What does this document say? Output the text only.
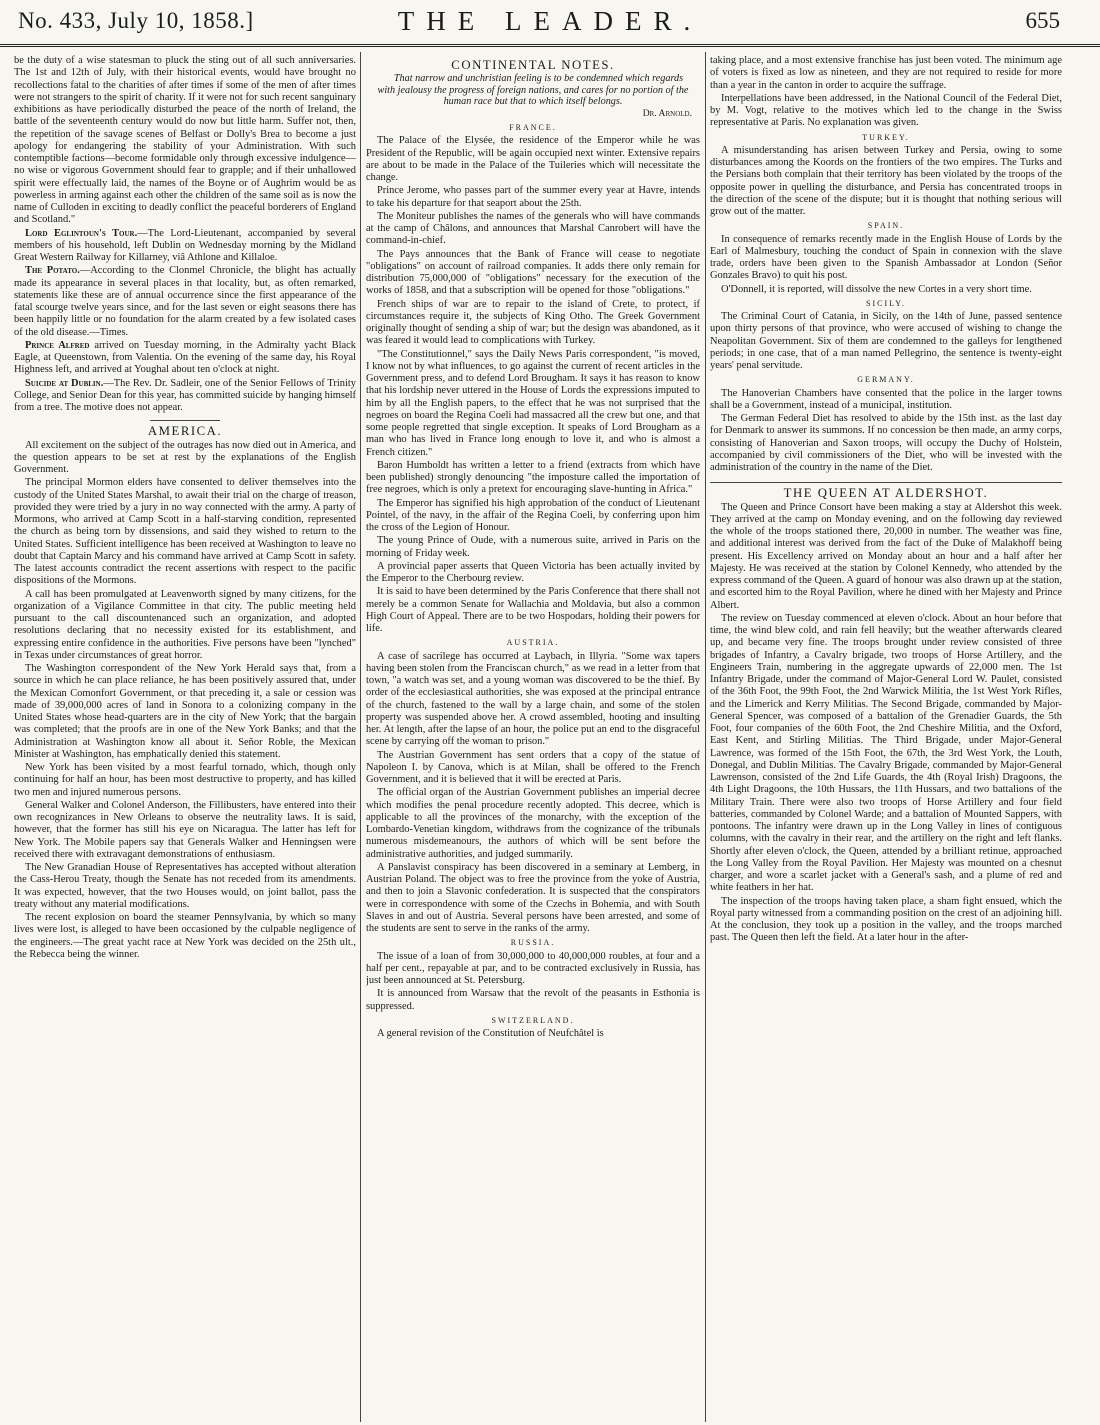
No. 433, July 10, 1858.]	THE LEADER.	655

be the duty of a wise statesman to pluck the sting out of all such anniversaries. The 1st and 12th of July, with their historical events, would have brought no recollections fatal to the charities of after times if some of the men of after times were not strangers to the spirit of charity. If it were not for such recent sanguinary exhibitions as have periodically disturbed the peace of the north of Ireland, the battle of the seventeenth century would do now but little harm. Suffer not, then, the repetition of the savage scenes of Belfast or Dolly's Brea to become a just apology for endangering the stability of your Administration. With such contemptible factions—become formidable only through excessive indulgence—no wise or vigorous Government should fear to grapple; and if their unhallowed spirit were effectually laid, the names of the Boyne or of Aughrim would be as powerless in arming against each other the children of the same soil as is now the name of Culloden in exciting to deadly conflict the peaceful borderers of England and Scotland."

Lord Eglintoun's Tour.—The Lord-Lieutenant, accompanied by several members of his household, left Dublin on Wednesday morning by the Midland Great Western Railway for Killarney, viâ Athlone and Killaloe.

The Potato.—According to the Clonmel Chronicle, the blight has actually made its appearance in several places in that locality, but, as often remarked, statements like these are of annual occurrence since the first appearance of the fatal scourge twelve years since, and for the last seven or eight seasons there has been happily little or no foundation for the alarm created by a few isolated cases of the old disease.—Times.

Prince Alfred arrived on Tuesday morning, in the Admiralty yacht Black Eagle, at Queenstown, from Valentia. On the evening of the same day, his Royal Highness left, and arrived at Youghal about ten o'clock at night.

Suicide at Dublin.—The Rev. Dr. Sadleir, one of the Senior Fellows of Trinity College, and Senior Dean for this year, has committed suicide by hanging himself from a tree. The motive does not appear.

AMERICA.

All excitement on the subject of the outrages has now died out in America, and the question appears to be set at rest by the explanations of the English Government.

The principal Mormon elders have consented to deliver themselves into the custody of the United States Marshal, to await their trial on the charge of treason, provided they were tried by a jury in no way connected with the army. A party of Mormons, who arrived at Camp Scott in a half-starving condition, represented the church as being torn by dissensions, and said they wished to return to the United States. Sufficient intelligence has been received at Washington to leave no doubt that Captain Marcy and his command have arrived at Camp Scott in safety. The latest accounts contradict the recent assertions with respect to the pacific dispositions of the Mormons.

A call has been promulgated at Leavenworth signed by many citizens, for the organization of a Vigilance Committee in that city. The public meeting held pursuant to the call discountenanced such an organization, and adopted resolutions declaring that no necessity existed for its establishment, and expressing entire confidence in the authorities. Five persons have been "lynched" in Texas under circumstances of great horror.

The Washington correspondent of the New York Herald says that, from a source in which he can place reliance, he has been positively assured that, under the Mexican Comonfort Government, or that preceding it, a sale or cession was made of 39,000,000 acres of land in Sonora to a colonizing company in the United States whose head-quarters are in the city of New York; that the bargain was completed; that the proofs are in one of the New York Banks; and that the Administration at Washington know all about it. Señor Roble, the Mexican Minister at Washington, has emphatically denied this statement.

New York has been visited by a most fearful tornado, which, though only continuing for half an hour, has been most destructive to property, and has killed two men and injured numerous persons.

General Walker and Colonel Anderson, the Fillibusters, have entered into their own recognizances in New Orleans to observe the neutrality laws. It is said, however, that the former has still his eye on Nicaragua. The latter has left for New York. The Mobile papers say that Generals Walker and Henningsen were received there with extravagant demonstrations of enthusiasm.

The New Granadian House of Representatives has accepted without alteration the Cass-Herou Treaty, though the Senate has not receded from its amendments. It was expected, however, that the two Houses would, on joint ballot, pass the treaty without any material modifications.

The recent explosion on board the steamer Pennsylvania, by which so many lives were lost, is alleged to have been occasioned by the culpable negligence of the engineers.—The great yacht race at New York was decided on the 25th ult., the Rebecca being the winner.

CONTINENTAL NOTES.

That narrow and unchristian feeling is to be condemned which regards with jealousy the progress of foreign nations, and cares for no portion of the human race but that to which itself belongs.

Dr. Arnold.
FRANCE.

The Palace of the Elysée, the residence of the Emperor while he was President of the Republic, will be again occupied next winter. Extensive repairs are about to be made in the Palace of the Tuileries which will necessitate the change.

Prince Jerome, who passes part of the summer every year at Havre, intends to take his departure for that seaport about the 25th.

The Moniteur publishes the names of the generals who will have commands at the camp of Châlons, and announces that Marshal Canrobert will have the command-in-chief.

The Pays announces that the Bank of France will cease to negotiate "obligations" on account of railroad companies. It adds there only remain for distribution 75,000,000 of "obligations" necessary for the execution of the works of 1858, and that a subscription will be opened for those "obligations."

French ships of war are to repair to the island of Crete, to protect, if circumstances require it, the subjects of King Otho. The Greek Government originally thought of sending a ship of war; but the design was abandoned, as it was feared it would lead to complications with Turkey.

"The Constitutionnel," says the Daily News Paris correspondent, "is moved, I know not by what influences, to go against the current of recent articles in the Government press, and to defend Lord Brougham. It says it has reason to know that his lordship never uttered in the House of Lords the expressions imputed to him by all the English papers, to the effect that he was not surprised that the negroes on board the Regina Coeli had massacred all the crew but one, and that some people regretted that single exception. It speaks of Lord Brougham as a man who has lived in France long enough to love it, and who is almost a French citizen."

Baron Humboldt has written a letter to a friend (extracts from which have been published) strongly denouncing "the imposture called the importation of free negroes, which is only a pretext for encouraging slave-hunting in Africa."

The Emperor has signified his high approbation of the conduct of Lieutenant Pointel, of the navy, in the affair of the Regina Coeli, by conferring upon him the cross of the Legion of Honour.

The young Prince of Oude, with a numerous suite, arrived in Paris on the morning of Friday week.

A provincial paper asserts that Queen Victoria has been actually invited by the Emperor to the Cherbourg review.

It is said to have been determined by the Paris Conference that there shall not merely be a common Senate for Wallachia and Moldavia, but also a common High Court of Appeal. There are to be two Hospodars, holding their powers for life.

AUSTRIA.

A case of sacrilege has occurred at Laybach, in Illyria. "Some wax tapers having been stolen from the Franciscan church," as we read in a letter from that town, "a watch was set, and a young woman was discovered to be the thief. By order of the ecclesiastical authorities, she was exposed at the principal entrance of the church, fastened to the wall by a large chain, and some of the stolen property was suspended above her. A crowd assembled, hooting and insulting her. At length, after the lapse of an hour, the police put an end to the disgraceful scene by carrying off the woman to prison."

The Austrian Government has sent orders that a copy of the statue of Napoleon I. by Canova, which is at Milan, shall be offered to the French Government, and it is believed that it will be erected at Paris.

The official organ of the Austrian Government publishes an imperial decree which modifies the penal procedure recently adopted. This decree, which is applicable to all the provinces of the monarchy, with the exception of the Lombardo-Venetian kingdom, withdraws from the cognizance of the tribunals numerous misdemeanours, the authors of which will be sent before the administrative authorities, and judged summarily.

A Panslavist conspiracy has been discovered in a seminary at Lemberg, in Austrian Poland. The object was to free the province from the yoke of Austria, and then to join a Slavonic confederation. It is suspected that the conspirators were in correspondence with some of the Czechs in Bohemia, and with South Slaves in and out of Austria. Several persons have been arrested, and some of the students are sent to serve in the ranks of the army.

RUSSIA.

The issue of a loan of from 30,000,000 to 40,000,000 roubles, at four and a half per cent., repayable at par, and to be contracted exclusively in Russia, has just been announced at St. Petersburg.

It is announced from Warsaw that the revolt of the peasants in Esthonia is suppressed.

SWITZERLAND.

A general revision of the Constitution of Neufchâtel is

taking place, and a most extensive franchise has just been voted. The minimum age of voters is fixed as low as nineteen, and they are not required to reside for more than a year in the canton in order to acquire the suffrage.

Interpellations have been addressed, in the National Council of the Federal Diet, by M. Vogt, relative to the motives which led to the change in the Swiss representative at Paris. No explanation was given.

TURKEY.

A misunderstanding has arisen between Turkey and Persia, owing to some disturbances among the Koords on the frontiers of the two empires. The Turks and the Persians both complain that their territory has been violated by the troops of the opposite power in quelling the disturbance, and Persia has concentrated troops in the direction of the scene of the dispute; but it is thought that nothing serious will grow out of the matter.

SPAIN.

In consequence of remarks recently made in the English House of Lords by the Earl of Malmesbury, touching the conduct of Spain in connexion with the slave trade, orders have been given to the Spanish Ambassador at London (Señor Gonzales Bravo) to quit his post.

O'Donnell, it is reported, will dissolve the new Cortes in a very short time.

SICILY.

The Criminal Court of Catania, in Sicily, on the 14th of June, passed sentence upon thirty persons of that province, who were accused of wishing to change the Neapolitan Government. Six of them are condemned to the galleys for lengthened periods; in one case, that of a man named Pellegrino, the sentence is twenty-eight years' penal servitude.

GERMANY.

The Hanoverian Chambers have consented that the police in the larger towns shall be a Government, instead of a municipal, institution.

The German Federal Diet has resolved to abide by the 15th inst. as the last day for Denmark to answer its summons. If no concession be then made, an army corps, consisting of Hanoverian and Saxon troops, will occupy the Duchy of Holstein, accompanied by civil commissioners of the Diet, who will be invested with the administration of the country in the name of the Diet.

THE QUEEN AT ALDERSHOT.

The Queen and Prince Consort have been making a stay at Aldershot this week. They arrived at the camp on Monday evening, and on the following day reviewed the whole of the troops stationed there, 20,000 in number. The weather was fine, and additional interest was derived from the fact of the Duke of Malakhoff being present. His Excellency arrived on Monday about an hour and a half after her Majesty. He was received at the station by Colonel Kennedy, who attended by the express command of the Queen. A guard of honour was also drawn up at the station, and escorted him to the Royal Pavilion, where he dined with her Majesty and Prince Albert.

The review on Tuesday commenced at eleven o'clock. About an hour before that time, the wind blew cold, and rain fell heavily; but the weather afterwards cleared up, and became very fine. The troops brought under review consisted of three brigades of Infantry, a Cavalry brigade, two troops of Horse Artillery, and the Engineers Train, numbering in the aggregate upwards of 22,000 men. The 1st Infantry Brigade, under the command of Major-General Lord W. Paulet, consisted of the 36th Foot, the 99th Foot, the 2nd Warwick Militia, the 1st West York Rifles, and the Limerick and Kerry Militias. The Second Brigade, commanded by Major-General Spencer, was composed of a battalion of the Grenadier Guards, the 5th Foot, four companies of the 60th Foot, the 2nd Cheshire Militia, and the Oxford, East Kent, and Stirling Militias. The Third Brigade, under Major-General Lawrence, was formed of the 15th Foot, the 67th, the 3rd West York, the Louth, Donegal, and Dublin Militias. The Cavalry Brigade, commanded by Major-General Lawrenson, consisted of the 2nd Life Guards, the 4th (Royal Irish) Dragoons, the 4th Light Dragoons, the 10th Hussars, the 11th Hussars, and two battalions of the Military Train. There were also two troops of Horse Artillery and four field batteries, commanded by Colonel Warde; and a battalion of Mounted Sappers, with pontoons. The infantry were drawn up in the Long Valley in lines of contiguous columns, with the cavalry in their rear, and the artillery on the right and left flanks. Shortly after eleven o'clock, the Queen, attended by a brilliant retinue, approached the Long Valley from the Royal Pavilion. Her Majesty was mounted on a chesnut charger, and wore a scarlet jacket with a General's sash, and a plume of red and white feathers in her hat.

The inspection of the troops having taken place, a sham fight ensued, which the Royal party witnessed from a commanding position on the crest of an adjoining hill. At the conclusion, they took up a position in the valley, and the troops marched past. The Queen then left the field. At a later hour in the after-
